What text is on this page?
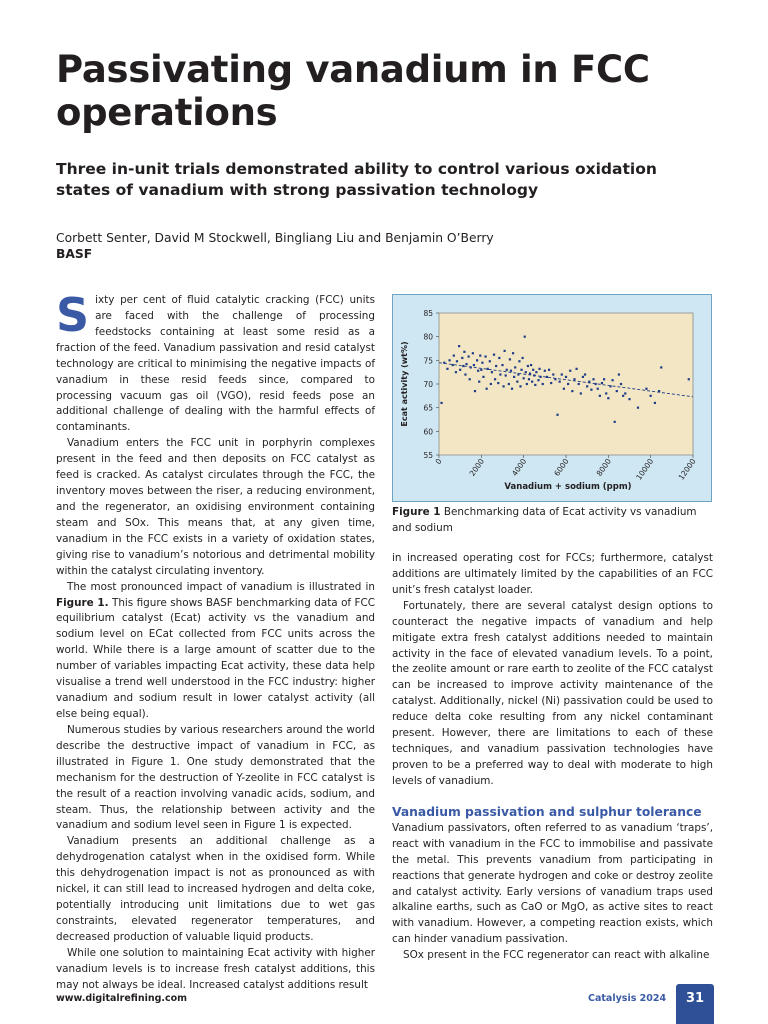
Passivating vanadium in FCC operations
Three in-unit trials demonstrated ability to control various oxidation states of vanadium with strong passivation technology
Corbett Senter, David M Stockwell, Bingliang Liu and Benjamin O’Berry
BASF

Sixty per cent of fluid catalytic cracking (FCC) units are faced with the challenge of processing feedstocks containing at least some resid as a fraction of the feed. Vanadium passivation and resid catalyst technology are critical to minimising the negative impacts of vanadium in these resid feeds since, compared to processing vacuum gas oil (VGO), resid feeds pose an additional challenge of dealing with the harmful effects of contaminants.

Vanadium enters the FCC unit in porphyrin complexes present in the feed and then deposits on FCC catalyst as feed is cracked. As catalyst circulates through the FCC, the inventory moves between the riser, a reducing environment, and the regenerator, an oxidising environment containing steam and SOx. This means that, at any given time, vanadium in the FCC exists in a variety of oxidation states, giving rise to vanadium’s notorious and detrimental mobility within the catalyst circulating inventory.

The most pronounced impact of vanadium is illustrated in Figure 1. This figure shows BASF benchmarking data of FCC equilibrium catalyst (Ecat) activity vs the vanadium and sodium level on ECat collected from FCC units across the world. While there is a large amount of scatter due to the number of variables impacting Ecat activity, these data help visualise a trend well understood in the FCC industry: higher vanadium and sodium result in lower catalyst activity (all else being equal).

Numerous studies by various researchers around the world describe the destructive impact of vanadium in FCC, as illustrated in Figure 1. One study demonstrated that the mechanism for the destruction of Y-zeolite in FCC catalyst is the result of a reaction involving vanadic acids, sodium, and steam. Thus, the relationship between activity and the vanadium and sodium level seen in Figure 1 is expected.

Vanadium presents an additional challenge as a dehydrogenation catalyst when in the oxidised form. While this dehydrogenation impact is not as pronounced as with nickel, it can still lead to increased hydrogen and delta coke, potentially introducing unit limitations due to wet gas constraints, elevated regenerator temperatures, and decreased production of valuable liquid products.

While one solution to maintaining Ecat activity with higher vanadium levels is to increase fresh catalyst additions, this may not always be ideal. Increased catalyst additions result

55
60
65
70
75
80
85
0	2000	4000	6000	8000	10000	12000
Ecat activity (wt%)
Vanadium + sodium (ppm)

Figure 1 Benchmarking data of Ecat activity vs vanadium and sodium

in increased operating cost for FCCs; furthermore, catalyst additions are ultimately limited by the capabilities of an FCC unit’s fresh catalyst loader.

Fortunately, there are several catalyst design options to counteract the negative impacts of vanadium and help mitigate extra fresh catalyst additions needed to maintain activity in the face of elevated vanadium levels. To a point, the zeolite amount or rare earth to zeolite of the FCC catalyst can be increased to improve activity maintenance of the catalyst. Additionally, nickel (Ni) passivation could be used to reduce delta coke resulting from any nickel contaminant present. However, there are limitations to each of these techniques, and vanadium passivation technologies have proven to be a preferred way to deal with moderate to high levels of vanadium.

Vanadium passivation and sulphur tolerance

Vanadium passivators, often referred to as vanadium ‘traps’, react with vanadium in the FCC to immobilise and passivate the metal. This prevents vanadium from participating in reactions that generate hydrogen and coke or destroy zeolite and catalyst activity. Early versions of vanadium traps used alkaline earths, such as CaO or MgO, as active sites to react with vanadium. However, a competing reaction exists, which can hinder vanadium passivation.

SOx present in the FCC regenerator can react with alkaline

www.digitalrefining.com	Catalysis 2024	31
